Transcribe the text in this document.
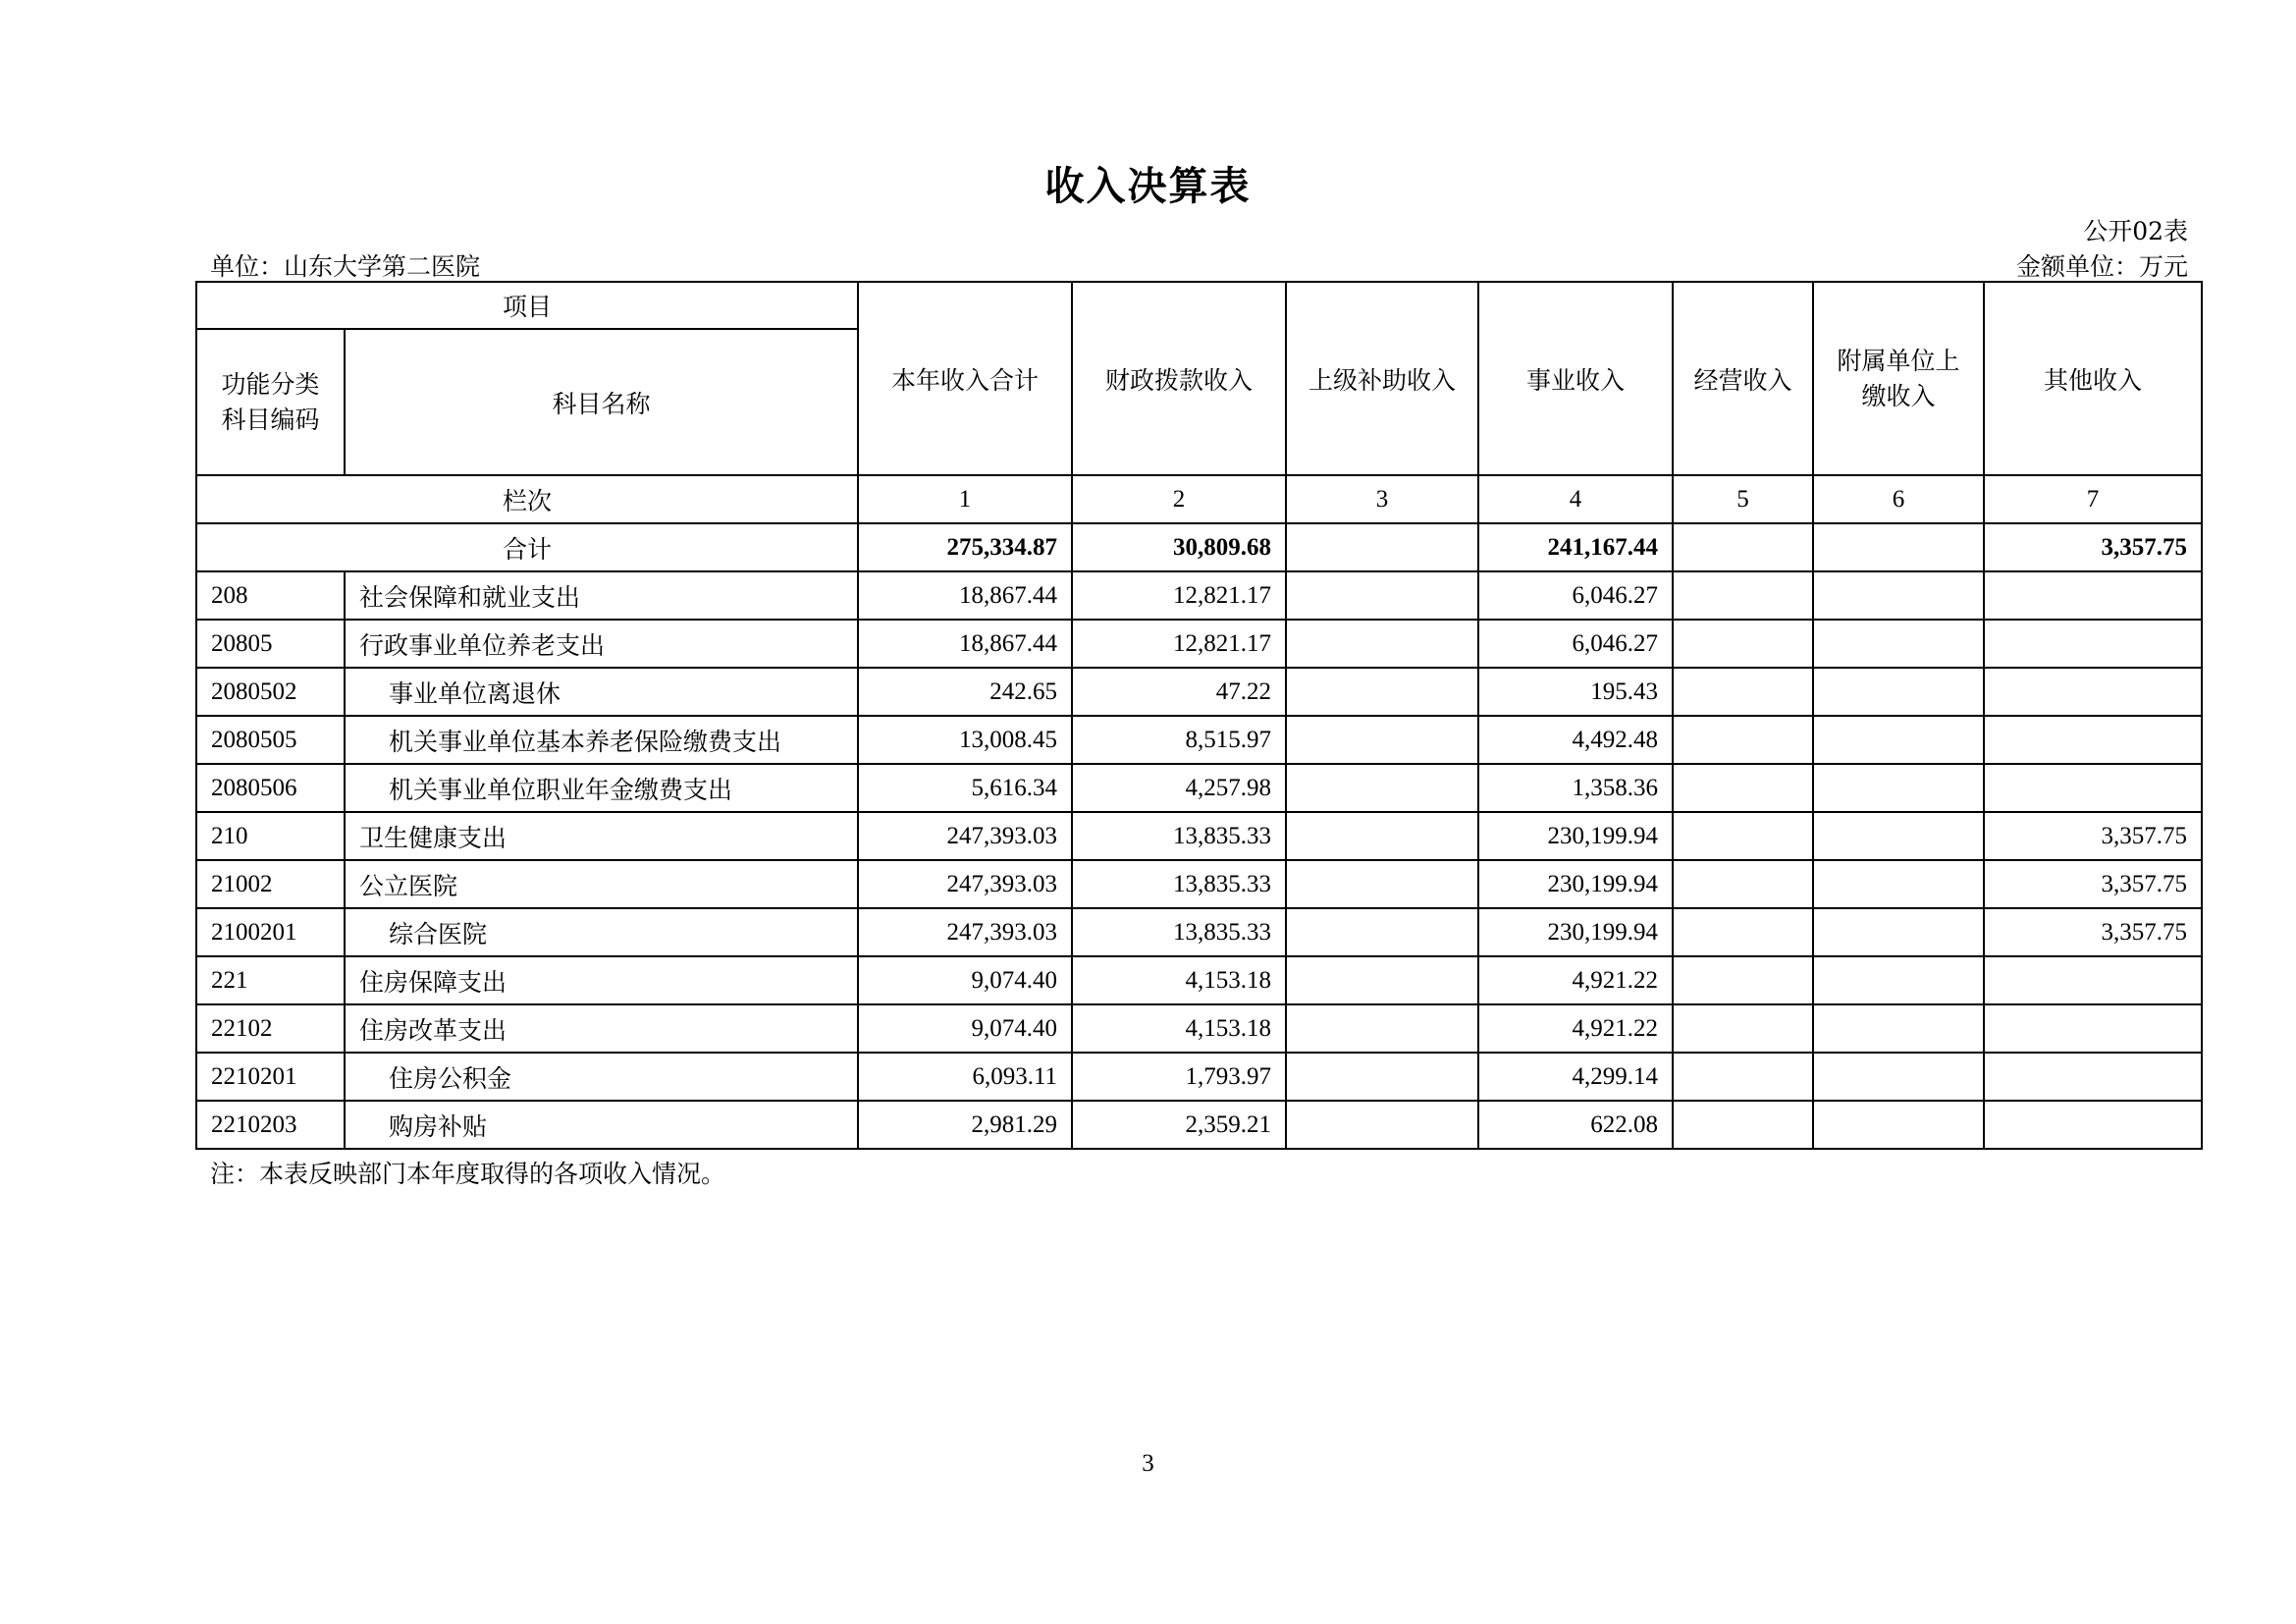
收入决算表
公开02表
单位：山东大学第二医院	金额单位：万元
项目		本年收入合计	财政拨款收入	上级补助收入	事业收入	经营收入	附属单位上缴收入	其他收入
功能分类科目编码	科目名称							
栏次		1	2	3	4	5	6	7
合计		275,334.87	30,809.68		241,167.44			3,357.75
208	社会保障和就业支出	18,867.44	12,821.17		6,046.27			
20805	行政事业单位养老支出	18,867.44	12,821.17		6,046.27			
2080502	事业单位离退休	242.65	47.22		195.43			
2080505	机关事业单位基本养老保险缴费支出	13,008.45	8,515.97		4,492.48			
2080506	机关事业单位职业年金缴费支出	5,616.34	4,257.98		1,358.36			
210	卫生健康支出	247,393.03	13,835.33		230,199.94			3,357.75
21002	公立医院	247,393.03	13,835.33		230,199.94			3,357.75
2100201	综合医院	247,393.03	13,835.33		230,199.94			3,357.75
221	住房保障支出	9,074.40	4,153.18		4,921.22			
22102	住房改革支出	9,074.40	4,153.18		4,921.22			
2210201	住房公积金	6,093.11	1,793.97		4,299.14			
2210203	购房补贴	2,981.29	2,359.21		622.08			
注：本表反映部门本年度取得的各项收入情况。
3
